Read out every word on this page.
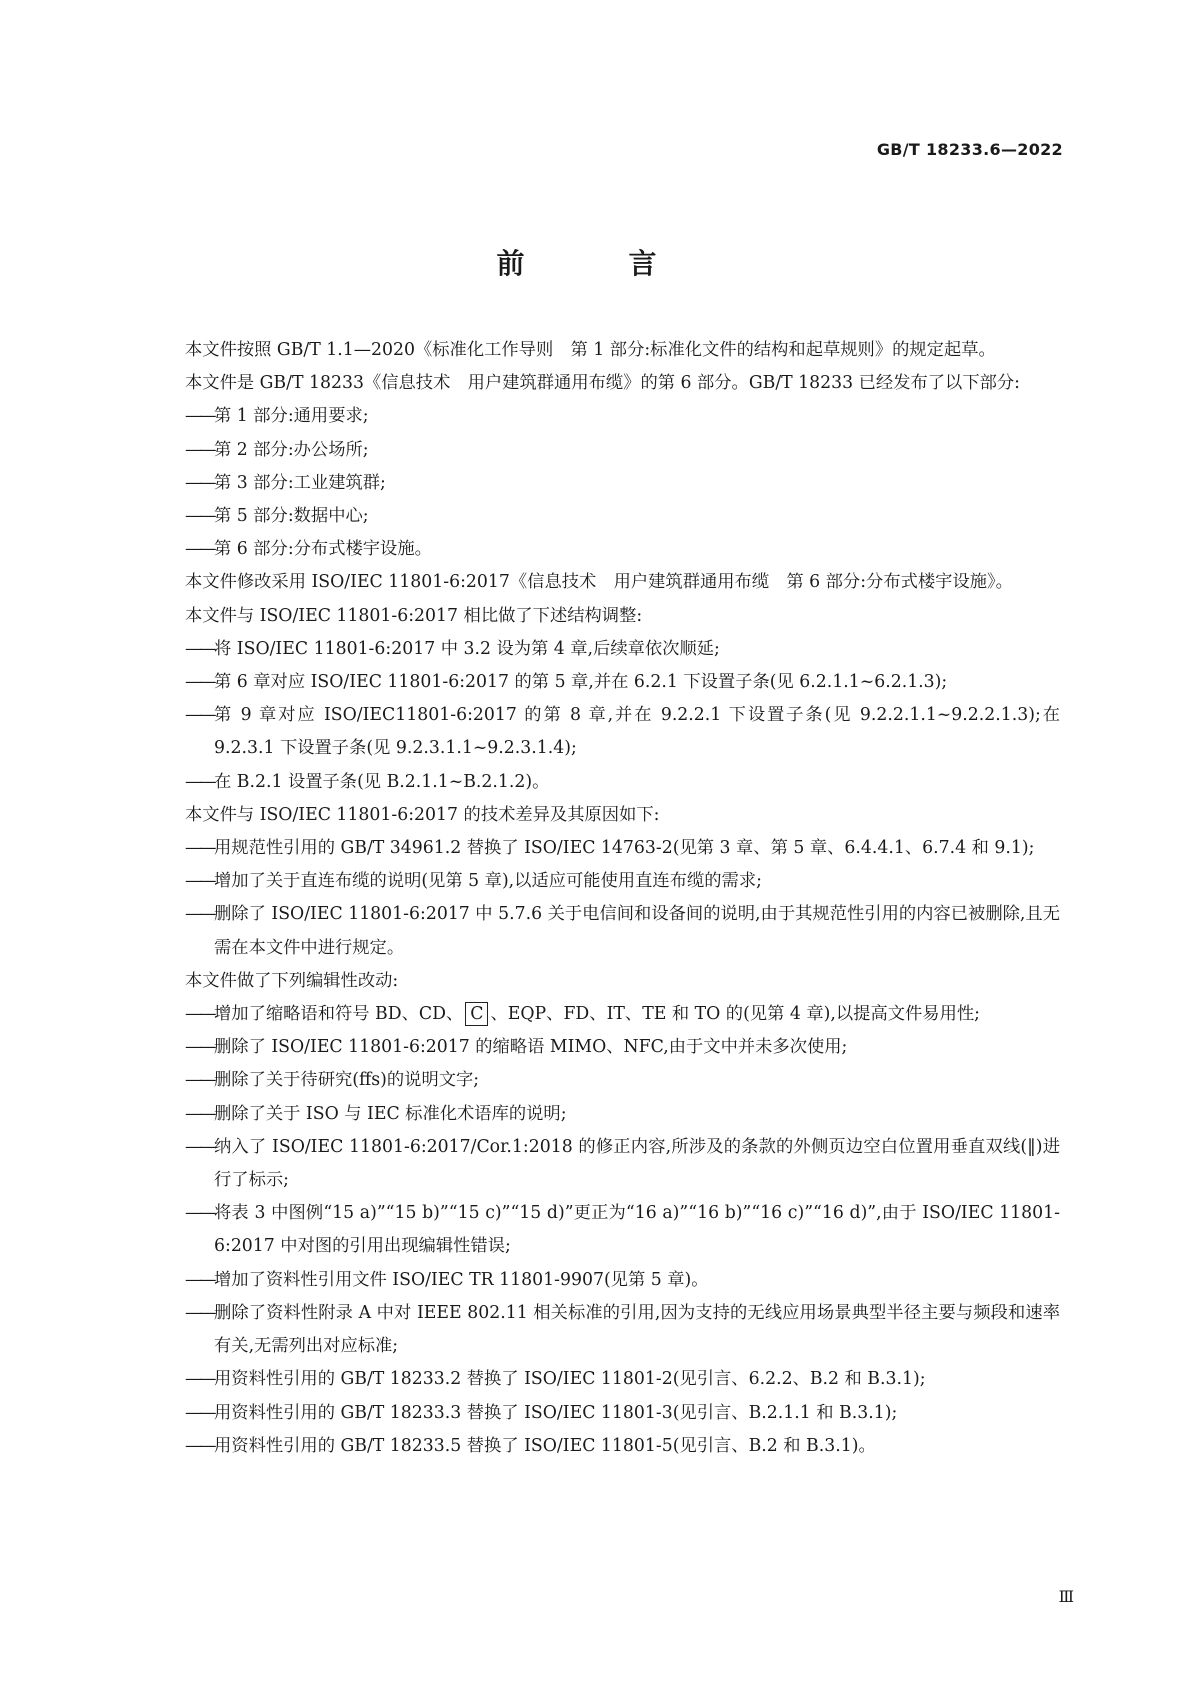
GB/T 18233.6—2022
前　言

本文件按照 GB/T 1.1—2020《标准化工作导则　第 1 部分:标准化文件的结构和起草规则》的规定起草。

本文件是 GB/T 18233《信息技术　用户建筑群通用布缆》的第 6 部分。GB/T 18233 已经发布了以下部分:

—— 第 1 部分:通用要求;

—— 第 2 部分:办公场所;

—— 第 3 部分:工业建筑群;

—— 第 5 部分:数据中心;

—— 第 6 部分:分布式楼宇设施。

本文件修改采用 ISO/IEC 11801-6:2017《信息技术　用户建筑群通用布缆　第 6 部分:分布式楼宇设施》。

本文件与 ISO/IEC 11801-6:2017 相比做了下述结构调整:

—— 将 ISO/IEC 11801-6:2017 中 3.2 设为第 4 章,后续章依次顺延;

—— 第 6 章对应 ISO/IEC 11801-6:2017 的第 5 章,并在 6.2.1 下设置子条(见 6.2.1.1~6.2.1.3);

—— 第 9 章对应 ISO/IEC11801-6:2017 的第 8 章,并在 9.2.2.1 下设置子条(见 9.2.2.1.1~9.2.2.1.3);在 9.2.3.1 下设置子条(见 9.2.3.1.1~9.2.3.1.4);

—— 在 B.2.1 设置子条(见 B.2.1.1~B.2.1.2)。

本文件与 ISO/IEC 11801-6:2017 的技术差异及其原因如下:

—— 用规范性引用的 GB/T 34961.2 替换了 ISO/IEC 14763-2(见第 3 章、第 5 章、6.4.4.1、6.7.4 和 9.1);

—— 增加了关于直连布缆的说明(见第 5 章),以适应可能使用直连布缆的需求;

—— 删除了 ISO/IEC 11801-6:2017 中 5.7.6 关于电信间和设备间的说明,由于其规范性引用的内容已被删除,且无需在本文件中进行规定。

本文件做了下列编辑性改动:

—— 增加了缩略语和符号 BD、CD、 C 、EQP、FD、IT、TE 和 TO 的(见第 4 章),以提高文件易用性;

—— 删除了 ISO/IEC 11801-6:2017 的缩略语 MIMO、NFC,由于文中并未多次使用;

—— 删除了关于待研究(ffs)的说明文字;

—— 删除了关于 ISO 与 IEC 标准化术语库的说明;

—— 纳入了 ISO/IEC 11801-6:2017/Cor.1:2018 的修正内容,所涉及的条款的外侧页边空白位置用垂直双线(‖)进行了标示;

—— 将表 3 中图例“15 a)”“15 b)”“15 c)”“15 d)”更正为“16 a)”“16 b)”“16 c)”“16 d)”,由于 ISO/IEC 11801-6:2017 中对图的引用出现编辑性错误;

—— 增加了资料性引用文件 ISO/IEC TR 11801-9907(见第 5 章)。

—— 删除了资料性附录 A 中对 IEEE 802.11 相关标准的引用,因为支持的无线应用场景典型半径主要与频段和速率有关,无需列出对应标准;

—— 用资料性引用的 GB/T 18233.2 替换了 ISO/IEC 11801-2(见引言、6.2.2、B.2 和 B.3.1);

—— 用资料性引用的 GB/T 18233.3 替换了 ISO/IEC 11801-3(见引言、B.2.1.1 和 B.3.1);

—— 用资料性引用的 GB/T 18233.5 替换了 ISO/IEC 11801-5(见引言、B.2 和 B.3.1)。

Ⅲ
